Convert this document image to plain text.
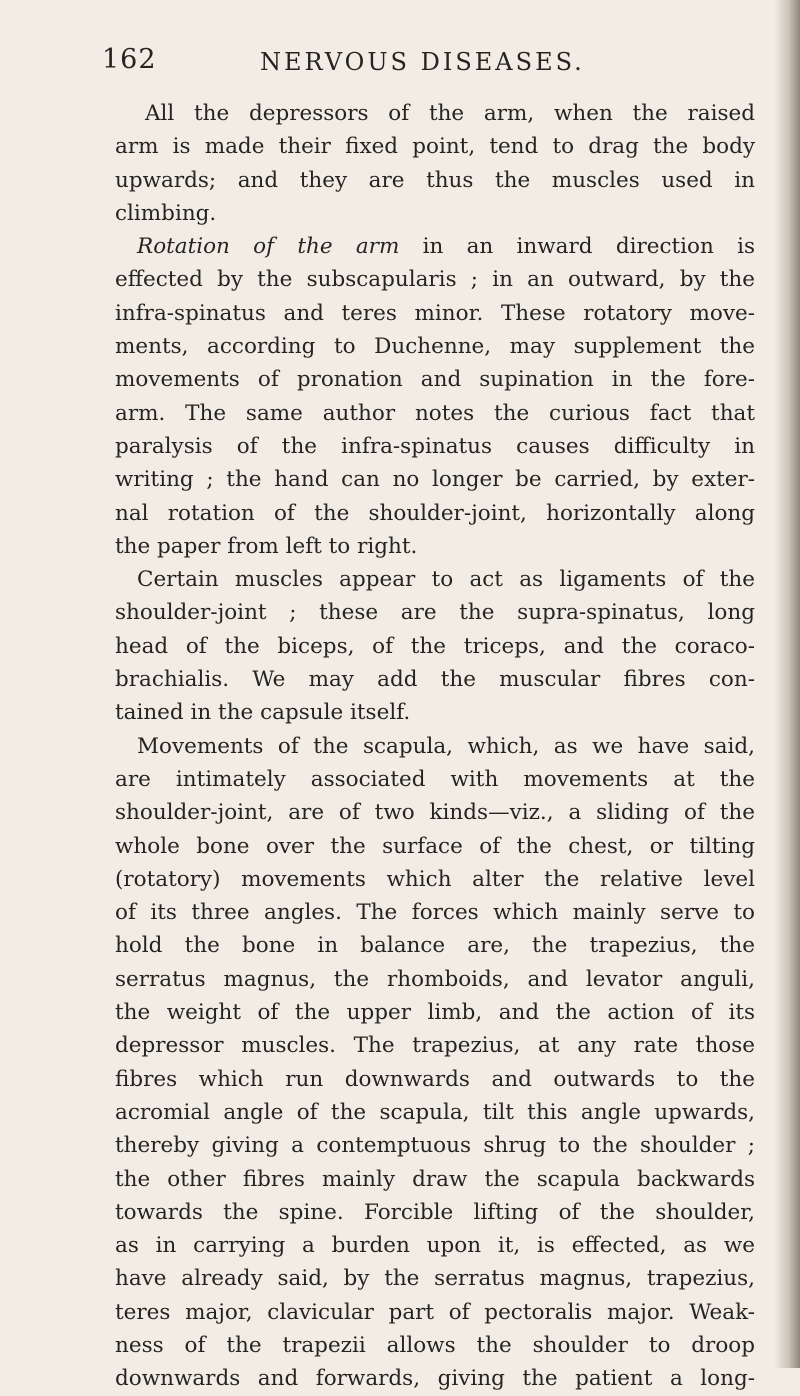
162	NERVOUS DISEASES.
All the depressors of the arm, when the raised
arm is made their fixed point, tend to drag the body
upwards; and they are thus the muscles used in
climbing.
Rotation of the arm in an inward direction is
effected by the subscapularis ; in an outward, by the
infra-spinatus and teres minor. These rotatory move-
ments, according to Duchenne, may supplement the
movements of pronation and supination in the fore-
arm. The same author notes the curious fact that
paralysis of the infra-spinatus causes difficulty in
writing ; the hand can no longer be carried, by exter-
nal rotation of the shoulder-joint, horizontally along
the paper from left to right.
Certain muscles appear to act as ligaments of the
shoulder-joint ; these are the supra-spinatus, long
head of the biceps, of the triceps, and the coraco-
brachialis. We may add the muscular fibres con-
tained in the capsule itself.
Movements of the scapula, which, as we have said,
are intimately associated with movements at the
shoulder-joint, are of two kinds—viz., a sliding of the
whole bone over the surface of the chest, or tilting
(rotatory) movements which alter the relative level
of its three angles. The forces which mainly serve to
hold the bone in balance are, the trapezius, the
serratus magnus, the rhomboids, and levator anguli,
the weight of the upper limb, and the action of its
depressor muscles. The trapezius, at any rate those
fibres which run downwards and outwards to the
acromial angle of the scapula, tilt this angle upwards,
thereby giving a contemptuous shrug to the shoulder ;
the other fibres mainly draw the scapula backwards
towards the spine. Forcible lifting of the shoulder,
as in carrying a burden upon it, is effected, as we
have already said, by the serratus magnus, trapezius,
teres major, clavicular part of pectoralis major. Weak-
ness of the trapezii allows the shoulder to droop
downwards and forwards, giving the patient a long-
